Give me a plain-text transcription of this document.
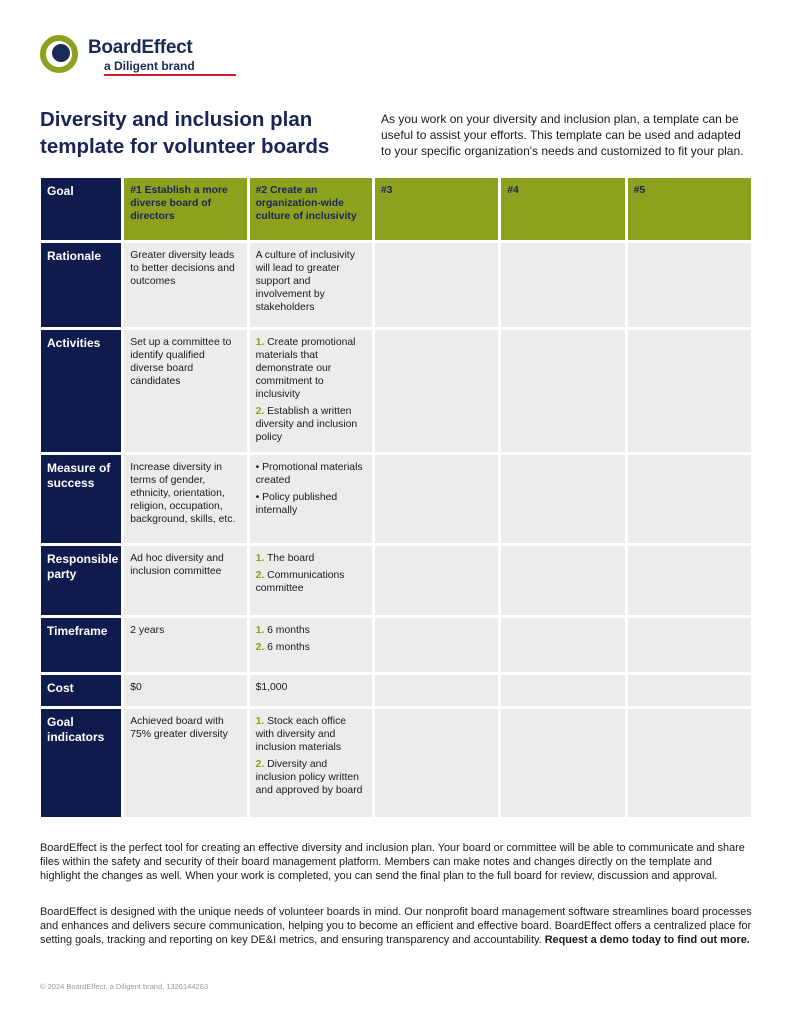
BoardEffect
a Diligent brand
Diversity and inclusion plan template for volunteer boards
As you work on your diversity and inclusion plan, a template can be useful to assist your efforts. This template can be used and adapted to your specific organization's needs and customized to fit your plan.
Goal	#1 Establish a more diverse board of directors	#2 Create an organization-wide culture of inclusivity	#3	#4	#5
Rationale	Greater diversity leads to better decisions and outcomes	A culture of inclusivity will lead to greater support and involvement by stakeholders			
Activities	Set up a committee to identify qualified diverse board candidates	1. Create promotional materials that demonstrate our commitment to inclusivity
2. Establish a written diversity and inclusion policy			

Measure of success	Increase diversity in terms of gender, ethnicity, orientation, religion, occupation, background, skills, etc.	• Promotional materials created
• Policy published internally			

Responsible party	Ad hoc diversity and inclusion committee	1. The board
2. Communications committee			

Timeframe	2 years	1. 6 months
2. 6 months			

Cost	$0	$1,000			
Goal indicators	Achieved board with 75% greater diversity	1. Stock each office with diversity and inclusion materials
2. Diversity and inclusion policy written and approved by board			

BoardEffect is the perfect tool for creating an effective diversity and inclusion plan. Your board or committee will be able to communicate and share files within the safety and security of their board management platform. Members can make notes and changes directly on the template and highlight the changes as well. When your work is completed, you can send the final plan to the full board for review, discussion and approval.
BoardEffect is designed with the unique needs of volunteer boards in mind. Our nonprofit board management software streamlines board processes and enhances and delivers secure communication, helping you to become an efficient and effective board. BoardEffect offers a centralized place for setting goals, tracking and reporting on key DE&I metrics, and ensuring transparency and accountability. Request a demo today to find out more.
© 2024 BoardEffect, a Diligent brand. 1326144263
